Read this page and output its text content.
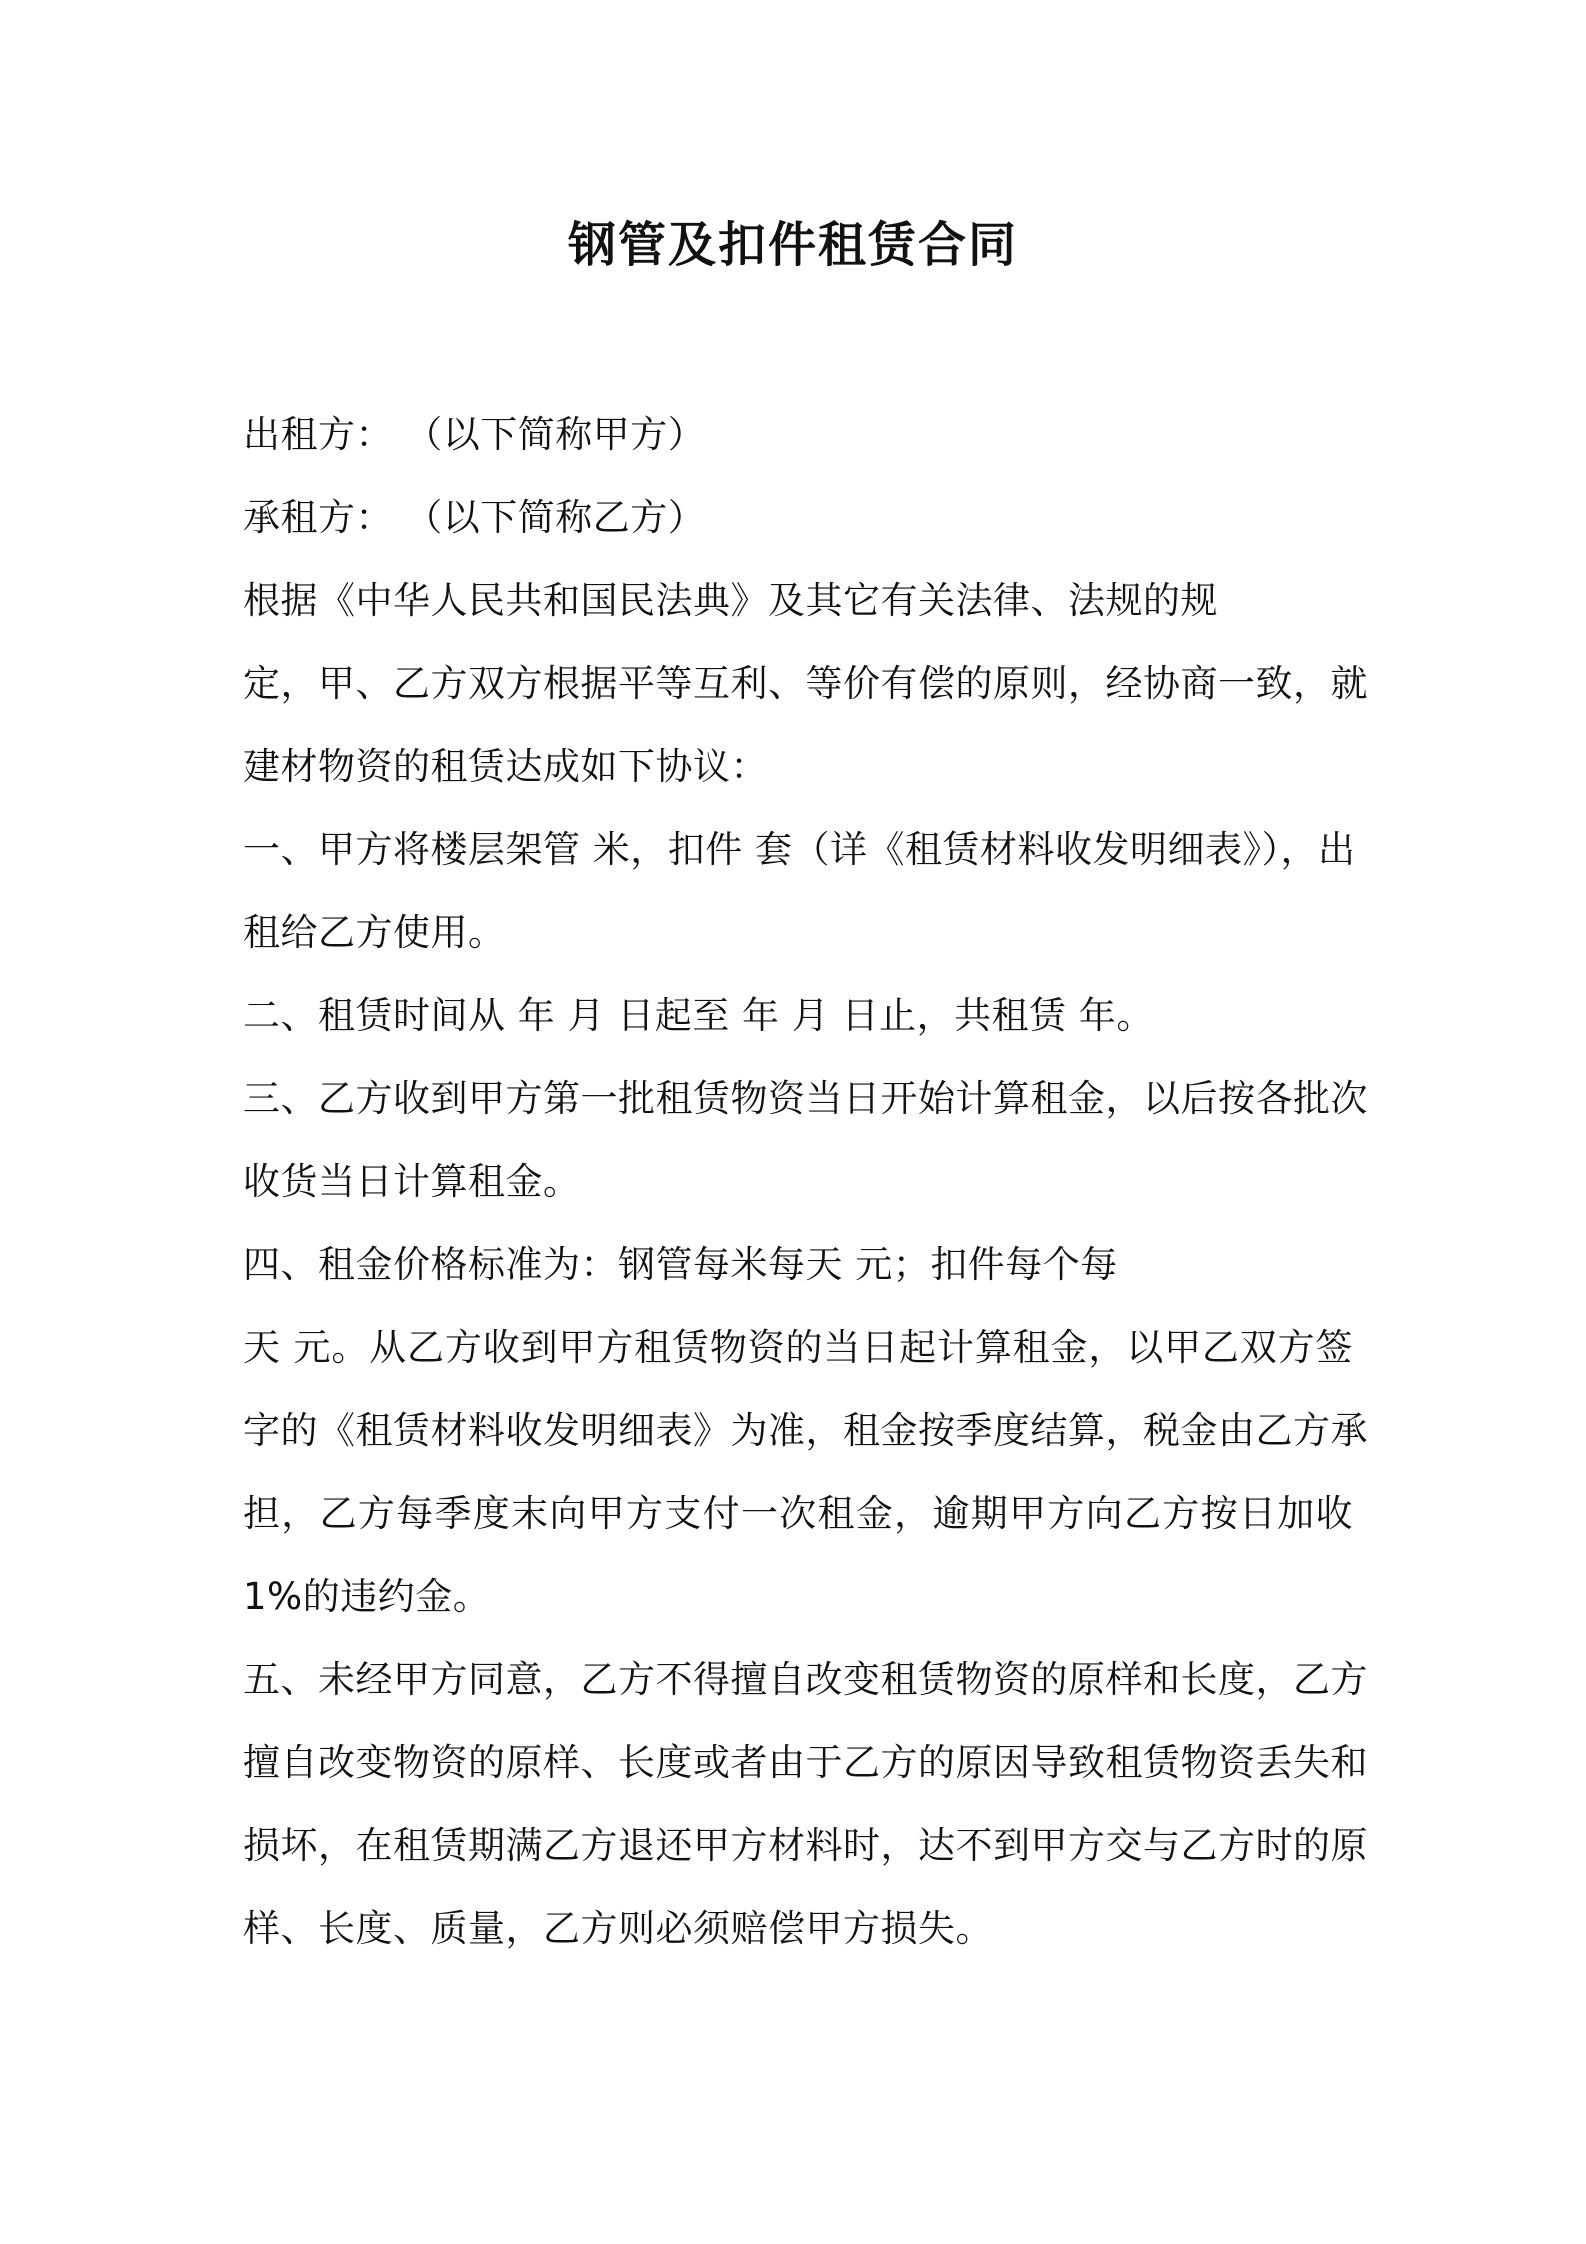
钢管及扣件租赁合同
出租方： （以下简称甲方）
承租方： （以下简称乙方）
根据《中华人民共和国民法典》及其它有关法律、法规的规
定，甲、乙方双方根据平等互利、等价有偿的原则，经协商一致，就
建材物资的租赁达成如下协议：
一、甲方将楼层架管 米，扣件 套（详《租赁材料收发明细表》），出
租给乙方使用。
二、租赁时间从 年 月 日起至 年 月 日止，共租赁 年。
三、乙方收到甲方第一批租赁物资当日开始计算租金，以后按各批次
收货当日计算租金。
四、租金价格标准为：钢管每米每天 元；扣件每个每
天 元。从乙方收到甲方租赁物资的当日起计算租金，以甲乙双方签
字的《租赁材料收发明细表》为准，租金按季度结算，税金由乙方承
担，乙方每季度末向甲方支付一次租金，逾期甲方向乙方按日加收
1%的违约金。
五、未经甲方同意，乙方不得擅自改变租赁物资的原样和长度，乙方
擅自改变物资的原样、长度或者由于乙方的原因导致租赁物资丢失和
损坏，在租赁期满乙方退还甲方材料时，达不到甲方交与乙方时的原
样、长度、质量，乙方则必须赔偿甲方损失。
